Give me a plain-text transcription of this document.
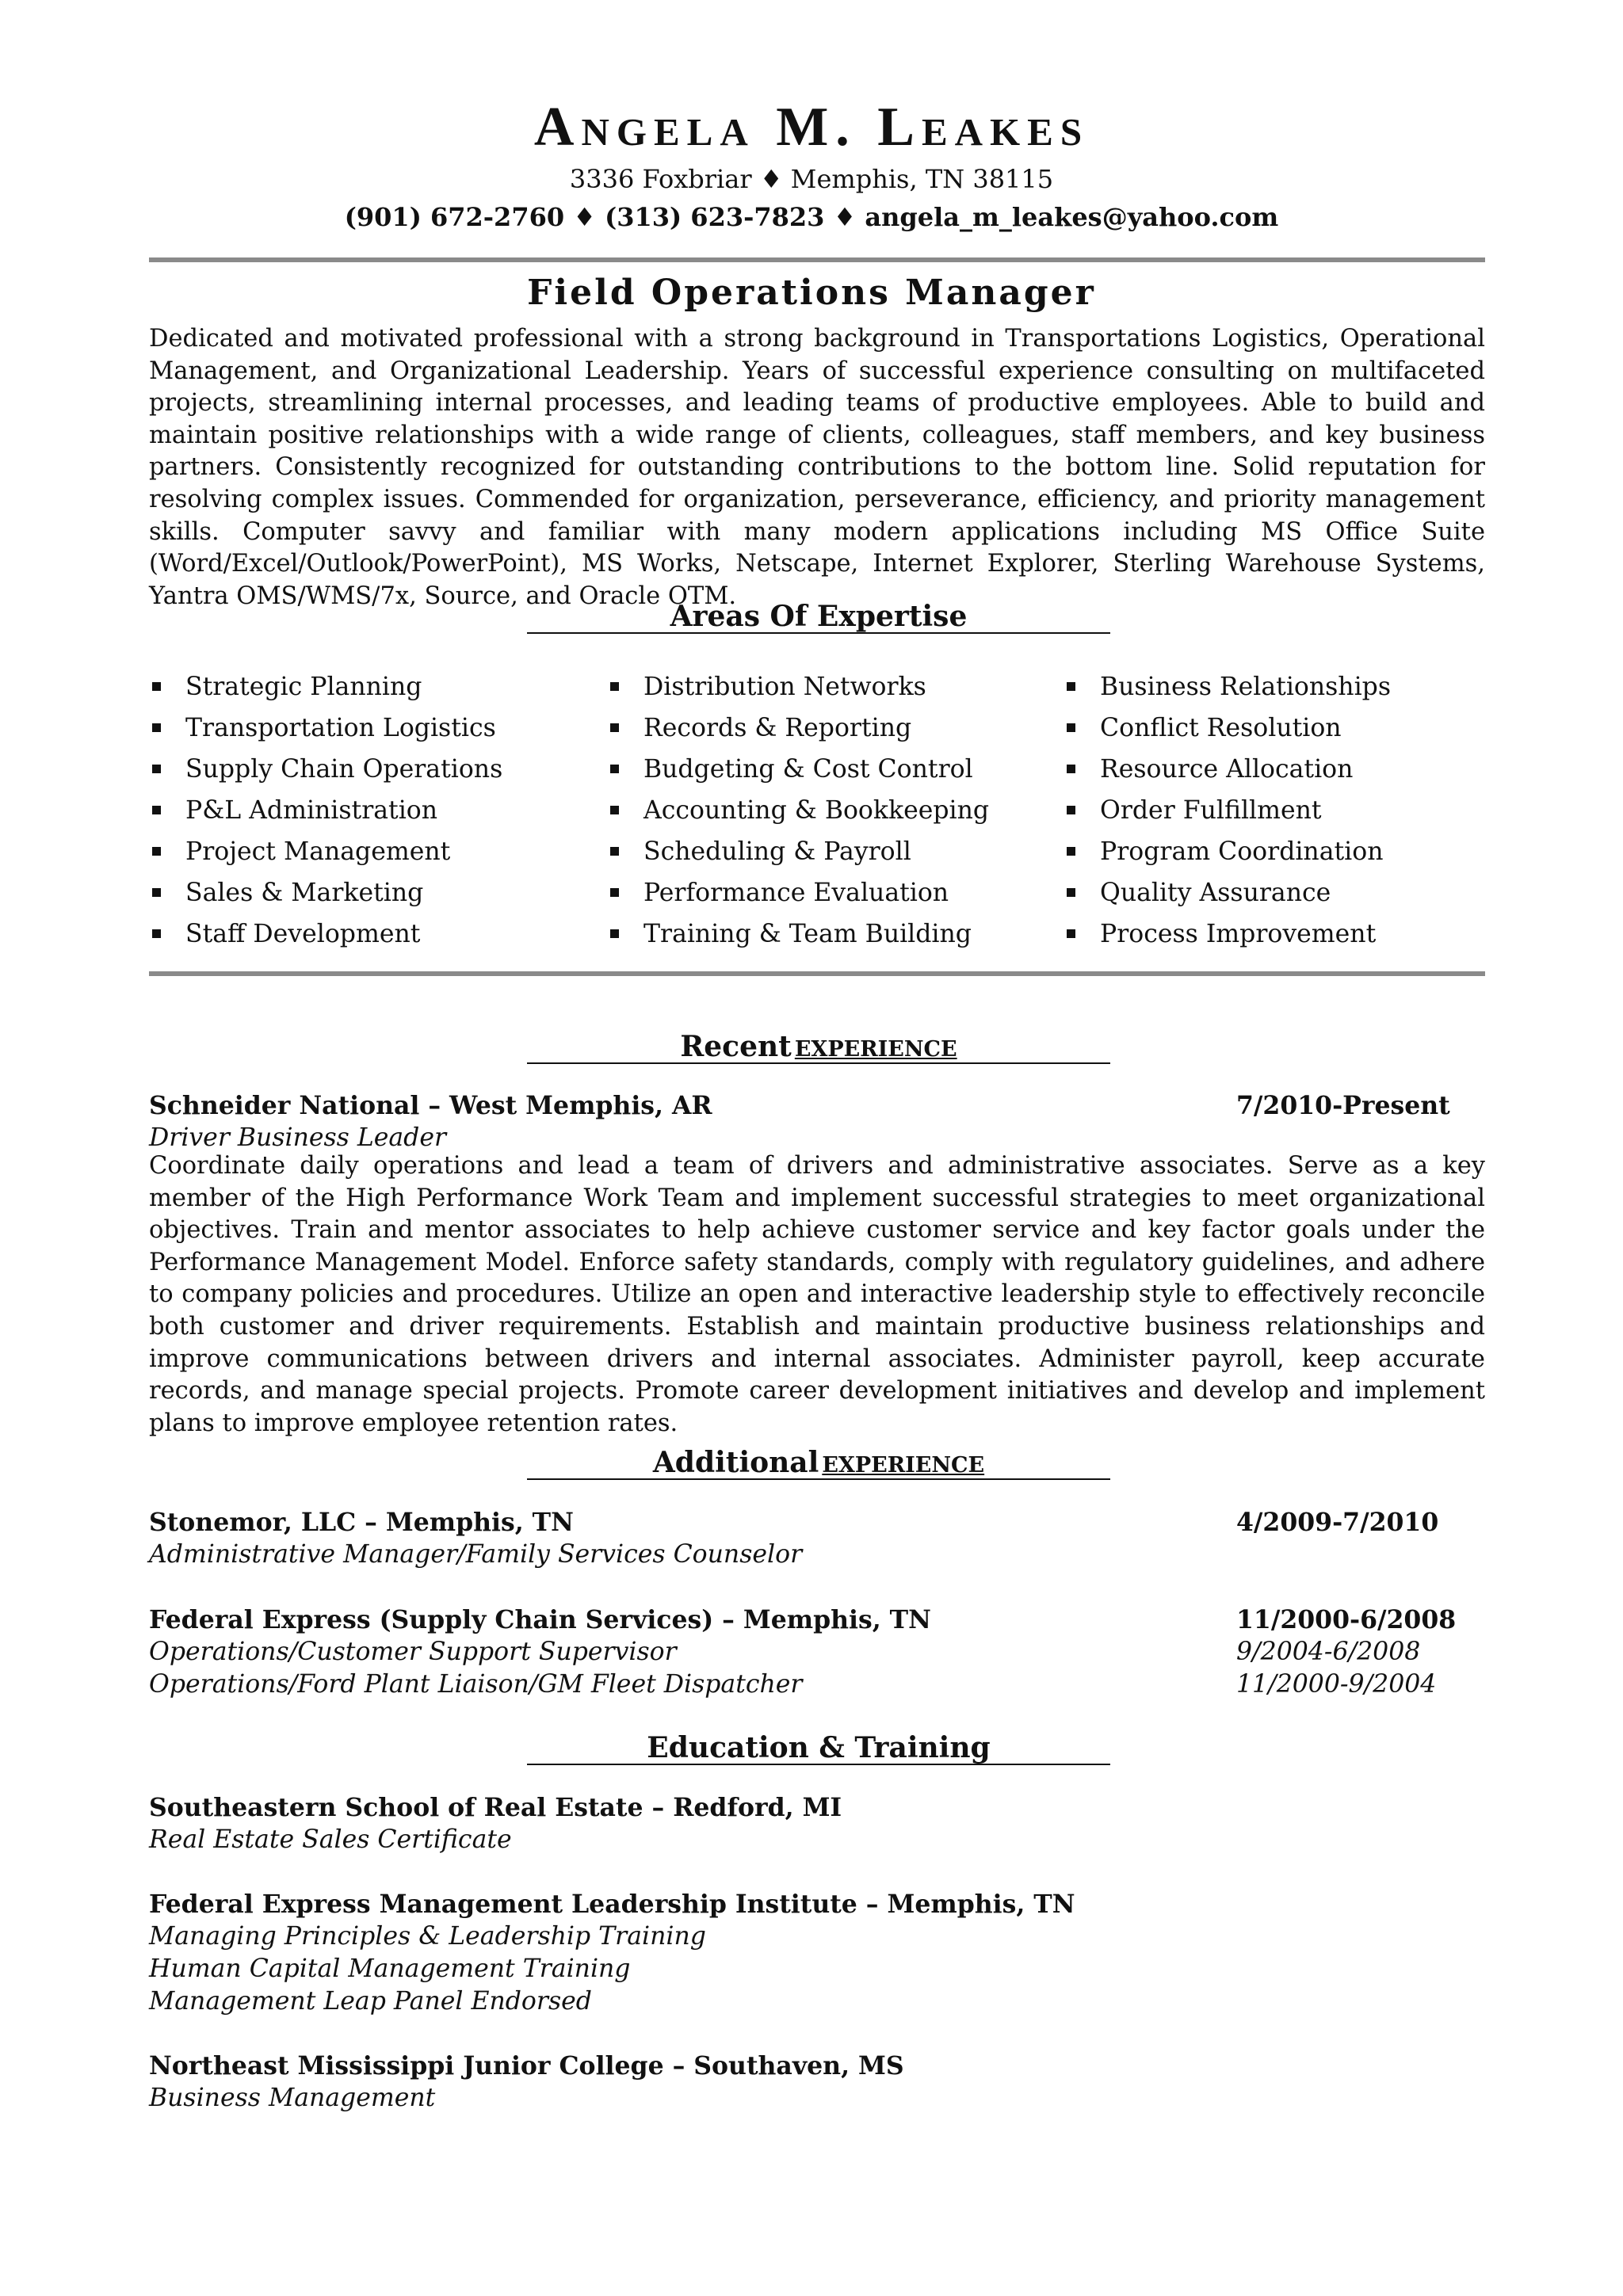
Angela M. Leakes
3336 Foxbriar ♦ Memphis, TN 38115
(901) 672-2760 ♦ (313) 623-7823 ♦ angela_m_leakes@yahoo.com
Field Operations Manager
Dedicated and motivated professional with a strong background in Transportations Logistics, Operational Management, and Organizational Leadership. Years of successful experience consulting on multifaceted projects, streamlining internal processes, and leading teams of productive employees. Able to build and maintain positive relationships with a wide range of clients, colleagues, staff members, and key business partners. Consistently recognized for outstanding contributions to the bottom line. Solid reputation for resolving complex issues. Commended for organization, perseverance, efficiency, and priority management skills. Computer savvy and familiar with many modern applications including MS Office Suite (Word/Excel/Outlook/PowerPoint), MS Works, Netscape, Internet Explorer, Sterling Warehouse Systems, Yantra OMS/WMS/7x, Source, and Oracle OTM.
Areas Of Expertise
Strategic Planning
Transportation Logistics
Supply Chain Operations
P&L Administration
Project Management
Sales & Marketing
Staff Development
Distribution Networks
Records & Reporting
Budgeting & Cost Control
Accounting & Bookkeeping
Scheduling & Payroll
Performance Evaluation
Training & Team Building
Business Relationships
Conflict Resolution
Resource Allocation
Order Fulfillment
Program Coordination
Quality Assurance
Process Improvement
Recent EXPERIENCE
Schneider National – West Memphis, AR	7/2010-Present
Driver Business Leader
Coordinate daily operations and lead a team of drivers and administrative associates. Serve as a key member of the High Performance Work Team and implement successful strategies to meet organizational objectives. Train and mentor associates to help achieve customer service and key factor goals under the Performance Management Model. Enforce safety standards, comply with regulatory guidelines, and adhere to company policies and procedures. Utilize an open and interactive leadership style to effectively reconcile both customer and driver requirements. Establish and maintain productive business relationships and improve communications between drivers and internal associates. Administer payroll, keep accurate records, and manage special projects. Promote career development initiatives and develop and implement plans to improve employee retention rates.
Additional EXPERIENCE
Stonemor, LLC – Memphis, TN	4/2009-7/2010
Administrative Manager/Family Services Counselor
Federal Express (Supply Chain Services) – Memphis, TN	11/2000-6/2008
Operations/Customer Support Supervisor	9/2004-6/2008
Operations/Ford Plant Liaison/GM Fleet Dispatcher	11/2000-9/2004
Education & Training
Southeastern School of Real Estate – Redford, MI
Real Estate Sales Certificate
Federal Express Management Leadership Institute – Memphis, TN
Managing Principles & Leadership Training
Human Capital Management Training
Management Leap Panel Endorsed
Northeast Mississippi Junior College – Southaven, MS
Business Management
